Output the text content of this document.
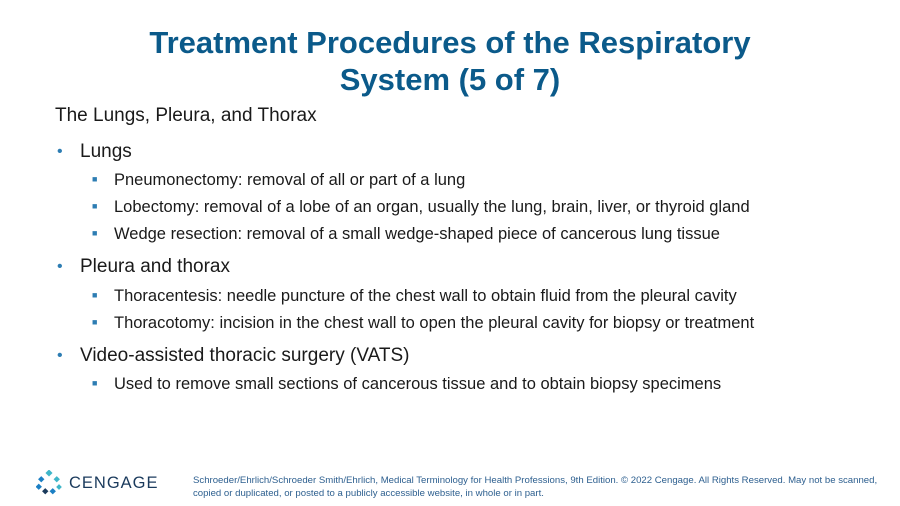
Treatment Procedures of the Respiratory
System (5 of 7)
The Lungs, Pleura, and Thorax
• Lungs
■ Pneumonectomy: removal of all or part of a lung
■ Lobectomy: removal of a lobe of an organ, usually the lung, brain, liver, or thyroid gland
■ Wedge resection: removal of a small wedge-shaped piece of cancerous lung tissue
• Pleura and thorax
■ Thoracentesis: needle puncture of the chest wall to obtain fluid from the pleural cavity
■ Thoracotomy: incision in the chest wall to open the pleural cavity for biopsy or treatment
• Video-assisted thoracic surgery (VATS)
■ Used to remove small sections of cancerous tissue and to obtain biopsy specimens
CENGAGE	Schroeder/Ehrlich/Schroeder Smith/Ehrlich, Medical Terminology for Health Professions, 9th Edition. © 2022 Cengage. All Rights Reserved. May not be scanned, copied or duplicated, or posted to a publicly accessible website, in whole or in part.
